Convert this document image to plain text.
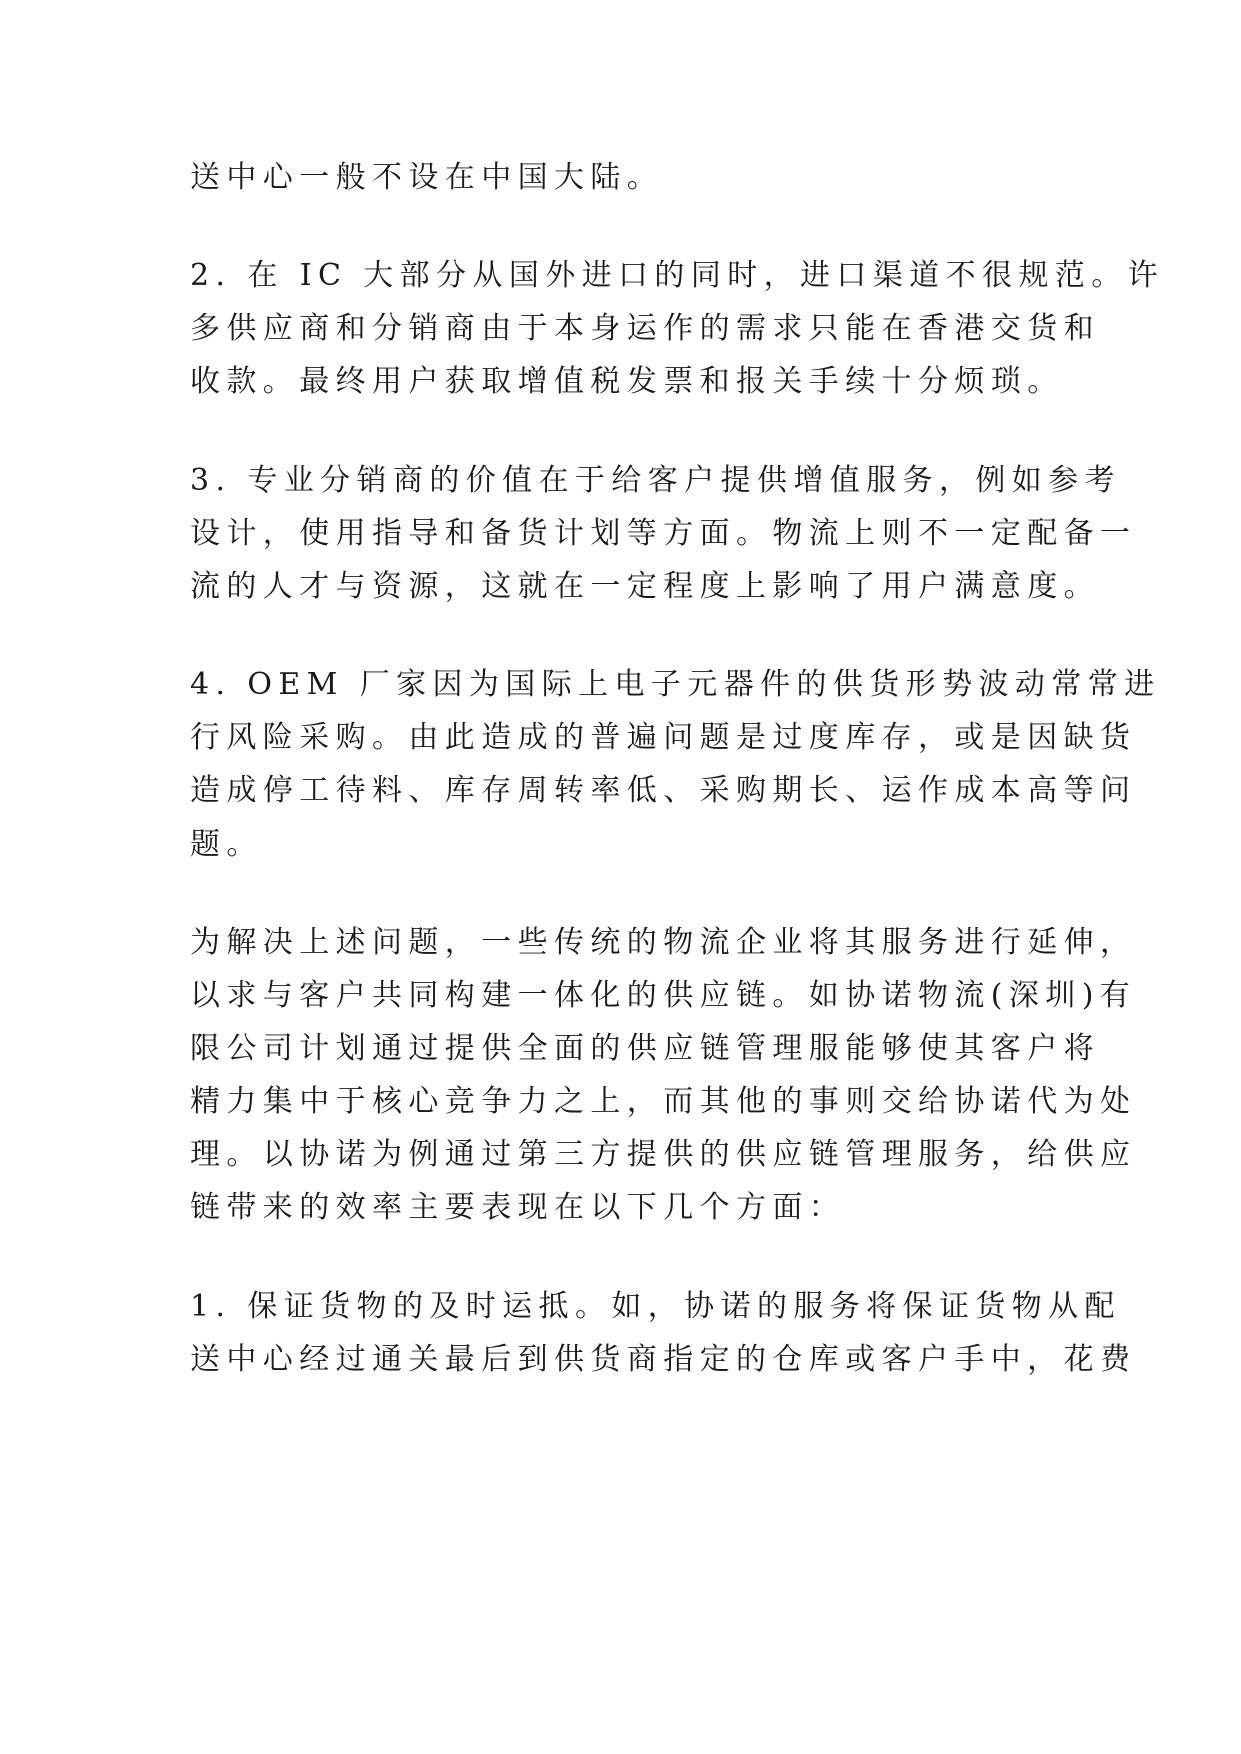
送中心一般不设在中国大陆。
2. 在 IC 大部分从国外进口的同时，进口渠道不很规范。许
多供应商和分销商由于本身运作的需求只能在香港交货和
收款。最终用户获取增值税发票和报关手续十分烦琐。
3. 专业分销商的价值在于给客户提供增值服务，例如参考
设计，使用指导和备货计划等方面。物流上则不一定配备一
流的人才与资源，这就在一定程度上影响了用户满意度。
4. OEM 厂家因为国际上电子元器件的供货形势波动常常进
行风险采购。由此造成的普遍问题是过度库存，或是因缺货
造成停工待料、库存周转率低、采购期长、运作成本高等问
题。
为解决上述问题，一些传统的物流企业将其服务进行延伸，
以求与客户共同构建一体化的供应链。如协诺物流(深圳)有
限公司计划通过提供全面的供应链管理服能够使其客户将
精力集中于核心竞争力之上，而其他的事则交给协诺代为处
理。以协诺为例通过第三方提供的供应链管理服务，给供应
链带来的效率主要表现在以下几个方面：
1. 保证货物的及时运抵。如，协诺的服务将保证货物从配
送中心经过通关最后到供货商指定的仓库或客户手中，花费
